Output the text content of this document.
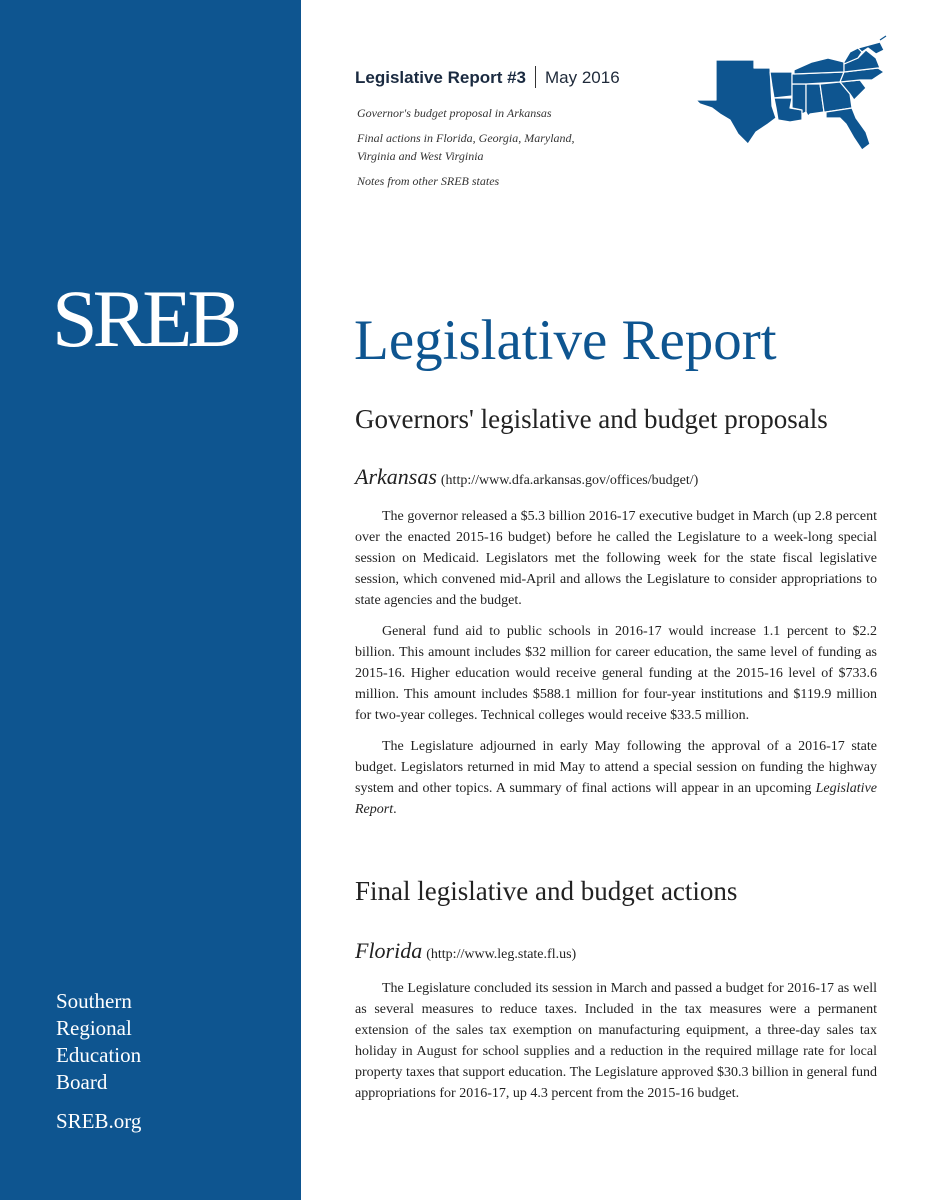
SREB
Southern
Regional
Education
Board
SREB.org
Legislative Report #3 May 2016

Governor's budget proposal in Arkansas

Final actions in Florida, Georgia, Maryland, Virginia and West Virginia

Notes from other SREB states

Legislative Report
Governors' legislative and budget proposals
Arkansas (http://www.dfa.arkansas.gov/offices/budget/)

The governor released a $5.3 billion 2016-17 executive budget in March (up 2.8 percent over the enacted 2015-16 budget) before he called the Legislature to a week-long special session on Medicaid. Legislators met the following week for the state fiscal legislative session, which convened mid-April and allows the Legislature to consider appropriations to state agencies and the budget.

General fund aid to public schools in 2016-17 would increase 1.1 percent to $2.2 billion. This amount includes $32 million for career education, the same level of funding as 2015-16. Higher education would receive general funding at the 2015-16 level of $733.6 million. This amount includes $588.1 million for four-year institutions and $119.9 million for two-year colleges. Technical colleges would receive $33.5 million.

The Legislature adjourned in early May following the approval of a 2016-17 state budget. Legislators returned in mid May to attend a special session on funding the highway system and other topics. A summary of final actions will appear in an upcoming Legislative Report.

Final legislative and budget actions
Florida (http://www.leg.state.fl.us)

The Legislature concluded its session in March and passed a budget for 2016-17 as well as several measures to reduce taxes. Included in the tax measures were a permanent extension of the sales tax exemption on manufacturing equipment, a three-day sales tax holiday in August for school supplies and a reduction in the required millage rate for local property taxes that support education. The Legislature approved $30.3 billion in general fund appropriations for 2016-17, up 4.3 percent from the 2015-16 budget.
